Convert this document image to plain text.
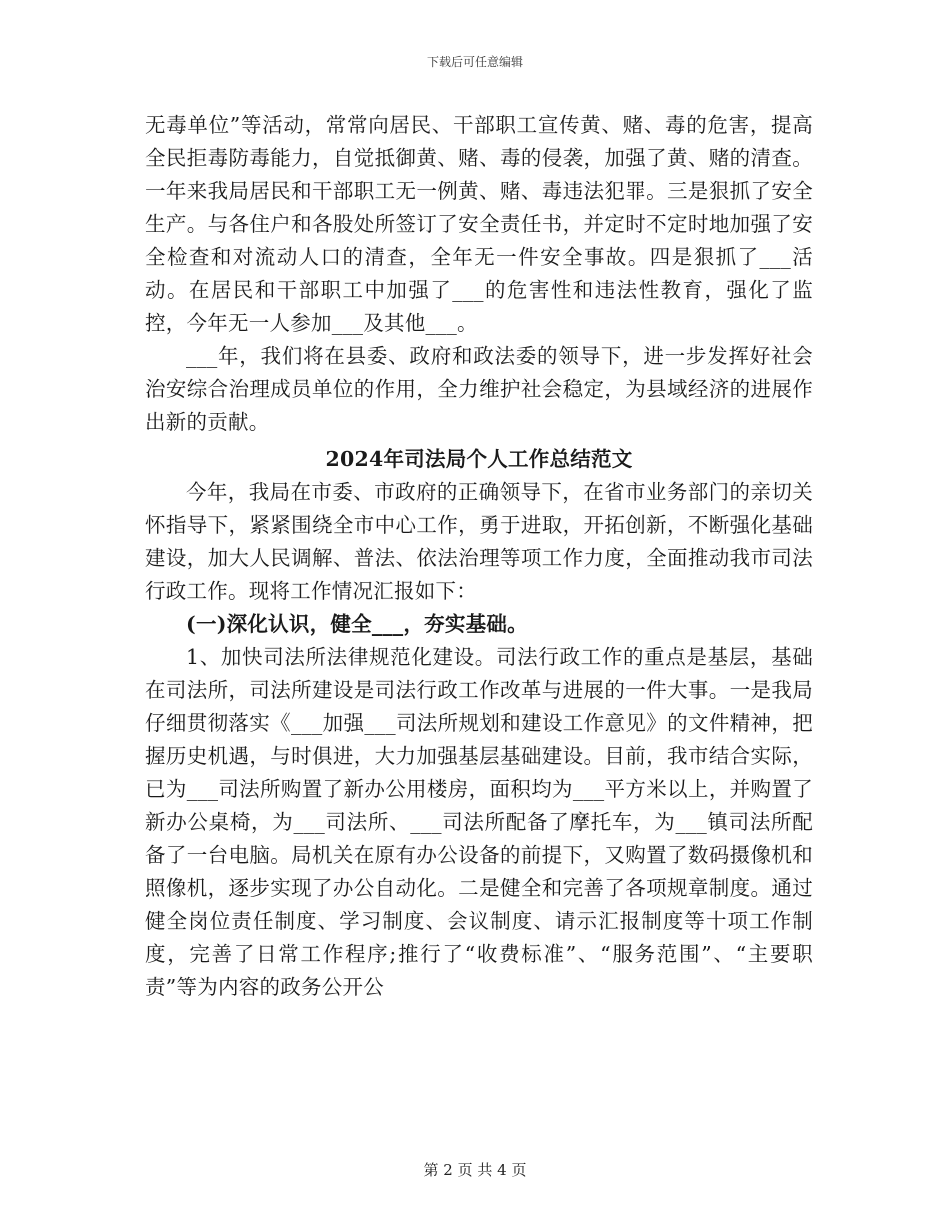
下载后可任意编辑

无毒单位”等活动，常常向居民、干部职工宣传黄、赌、毒的危害，提高全民拒毒防毒能力，自觉抵御黄、赌、毒的侵袭，加强了黄、赌的清查。一年来我局居民和干部职工无一例黄、赌、毒违法犯罪。三是狠抓了安全生产。与各住户和各股处所签订了安全责任书，并定时不定时地加强了安全检查和对流动人口的清查，全年无一件安全事故。四是狠抓了___活动。在居民和干部职工中加强了___的危害性和违法性教育，强化了监控，今年无一人参加___及其他___。

___年，我们将在县委、政府和政法委的领导下，进一步发挥好社会治安综合治理成员单位的作用，全力维护社会稳定，为县域经济的进展作出新的贡献。

2024年司法局个人工作总结范文

今年，我局在市委、市政府的正确领导下，在省市业务部门的亲切关怀指导下，紧紧围绕全市中心工作，勇于进取，开拓创新，不断强化基础建设，加大人民调解、普法、依法治理等项工作力度，全面推动我市司法行政工作。现将工作情况汇报如下：

(一)深化认识，健全___，夯实基础。

1、加快司法所法律规范化建设。司法行政工作的重点是基层，基础在司法所，司法所建设是司法行政工作改革与进展的一件大事。一是我局仔细贯彻落实《___加强___司法所规划和建设工作意见》的文件精神，把握历史机遇，与时俱进，大力加强基层基础建设。目前，我市结合实际，已为___司法所购置了新办公用楼房，面积均为___平方米以上，并购置了新办公桌椅，为___司法所、___司法所配备了摩托车，为___镇司法所配备了一台电脑。局机关在原有办公设备的前提下，又购置了数码摄像机和照像机，逐步实现了办公自动化。二是健全和完善了各项规章制度。通过健全岗位责任制度、学习制度、会议制度、请示汇报制度等十项工作制度，完善了日常工作程序;推行了“收费标准”、“服务范围”、“主要职责”等为内容的政务公开公

第 2 页 共 4 页
